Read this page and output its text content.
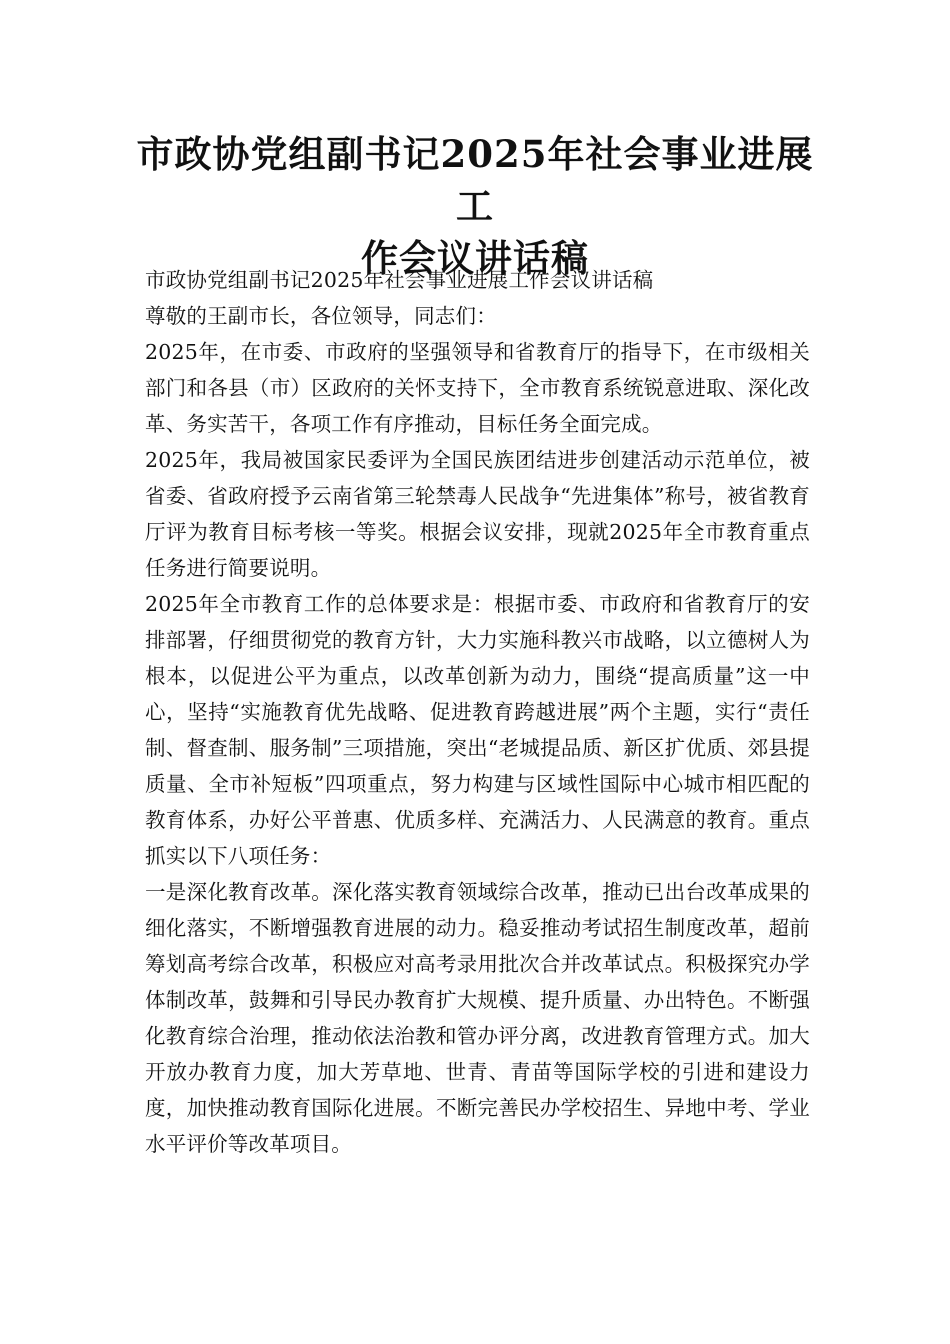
市政协党组副书记2025年社会事业进展工
作会议讲话稿

市政协党组副书记2025年社会事业进展工作会议讲话稿

尊敬的王副市长，各位领导，同志们：

2025年，在市委、市政府的坚强领导和省教育厅的指导下，在市级相关部门和各县（市）区政府的关怀支持下，全市教育系统锐意进取、深化改革、务实苦干，各项工作有序推动，目标任务全面完成。

2025年，我局被国家民委评为全国民族团结进步创建活动示范单位，被省委、省政府授予云南省第三轮禁毒人民战争“先进集体”称号，被省教育厅评为教育目标考核一等奖。根据会议安排，现就2025年全市教育重点任务进行简要说明。

2025年全市教育工作的总体要求是：根据市委、市政府和省教育厅的安排部署，仔细贯彻党的教育方针，大力实施科教兴市战略，以立德树人为根本，以促进公平为重点，以改革创新为动力，围绕“提高质量”这一中心，坚持“实施教育优先战略、促进教育跨越进展”两个主题，实行“责任制、督查制、服务制”三项措施，突出“老城提品质、新区扩优质、郊县提质量、全市补短板”四项重点，努力构建与区域性国际中心城市相匹配的教育体系，办好公平普惠、优质多样、充满活力、人民满意的教育。重点抓实以下八项任务：

一是深化教育改革。深化落实教育领域综合改革，推动已出台改革成果的细化落实，不断增强教育进展的动力。稳妥推动考试招生制度改革，超前筹划高考综合改革，积极应对高考录用批次合并改革试点。积极探究办学体制改革，鼓舞和引导民办教育扩大规模、提升质量、办出特色。不断强化教育综合治理，推动依法治教和管办评分离，改进教育管理方式。加大开放办教育力度，加大芳草地、世青、青苗等国际学校的引进和建设力度，加快推动教育国际化进展。不断完善民办学校招生、异地中考、学业水平评价等改革项目。
